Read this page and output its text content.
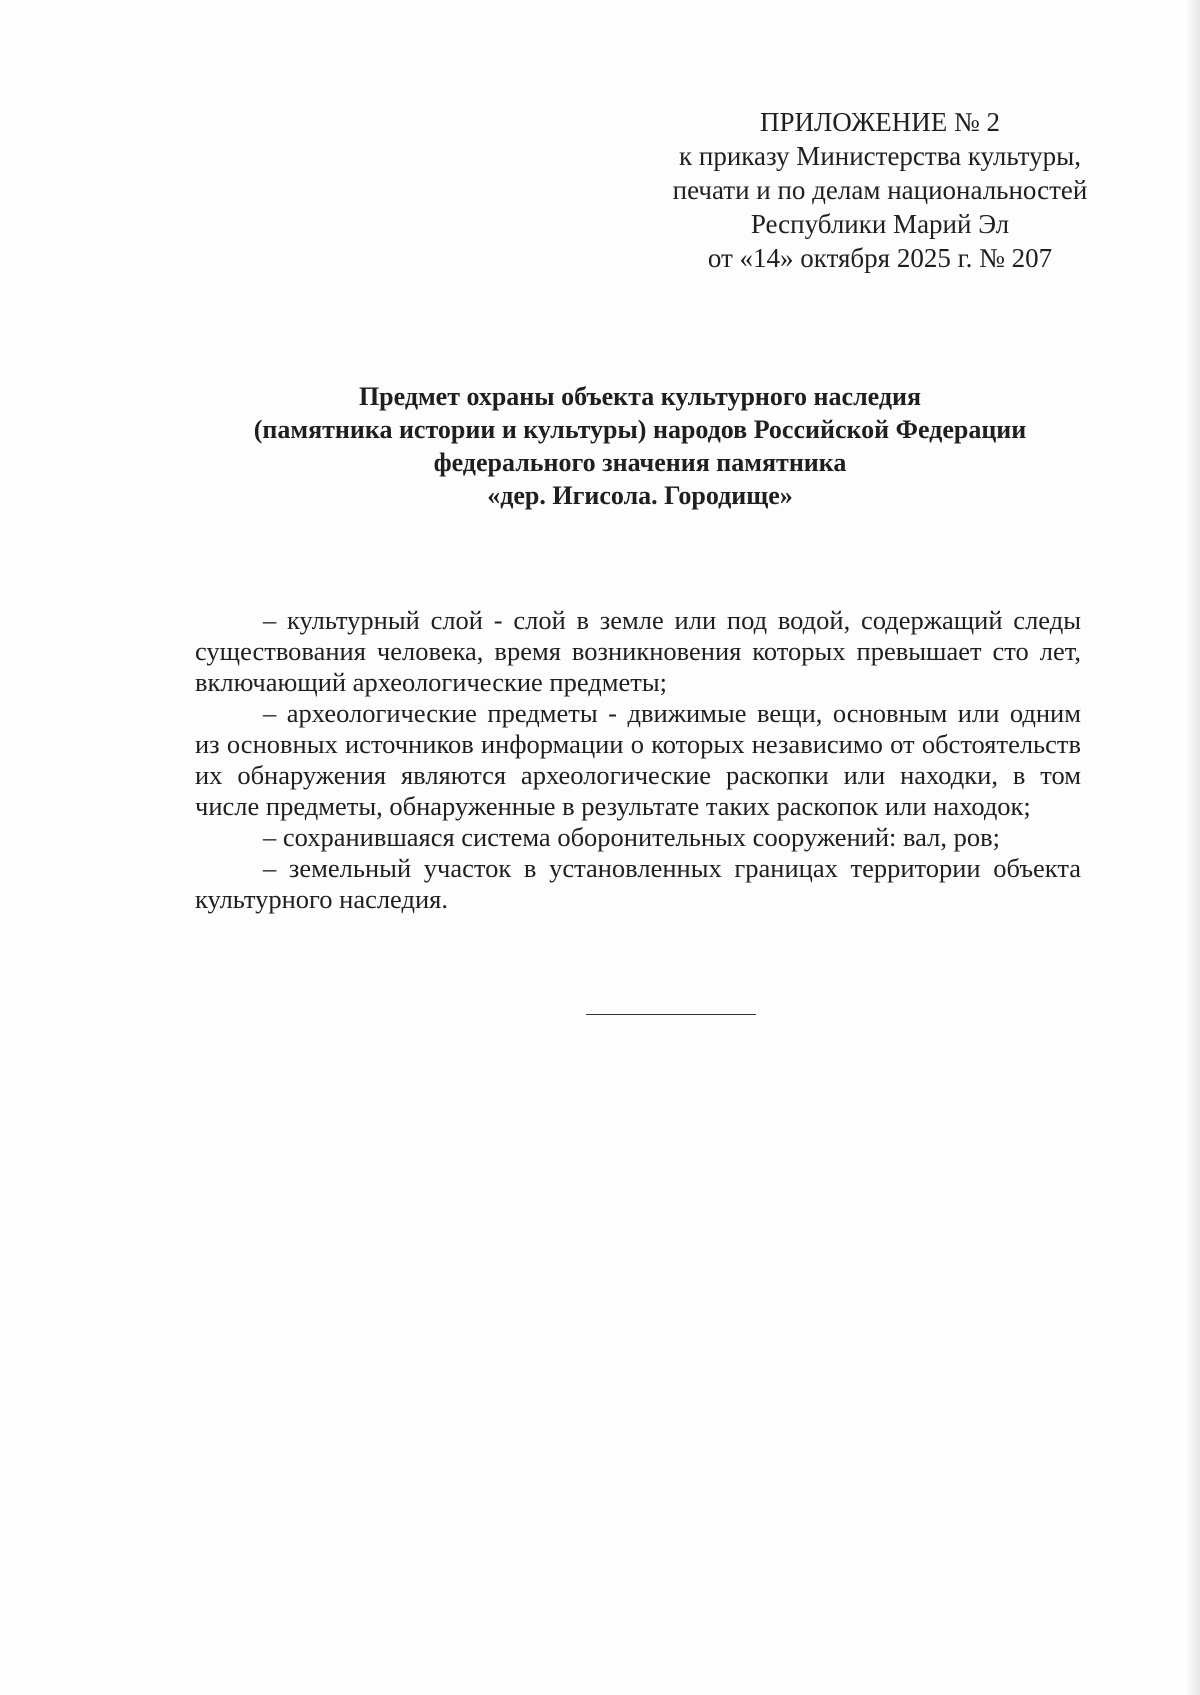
ПРИЛОЖЕНИЕ № 2
к приказу Министерства культуры,
печати и по делам национальностей
Республики Марий Эл
от «14» октября 2025 г. № 207
Предмет охраны объекта культурного наследия
(памятника истории и культуры) народов Российской Федерации
федерального значения памятника
«дер. Игисола. Городище»

– культурный слой - слой в земле или под водой, содержащий следы существования человека, время возникновения которых превышает сто лет, включающий археологические предметы;

– археологические предметы - движимые вещи, основным или одним из основных источников информации о которых независимо от обстоятельств их обнаружения являются археологические раскопки или находки, в том числе предметы, обнаруженные в результате таких раскопок или находок;

– сохранившаяся система оборонительных сооружений: вал, ров;

– земельный участок в установленных границах территории объекта культурного наследия.
